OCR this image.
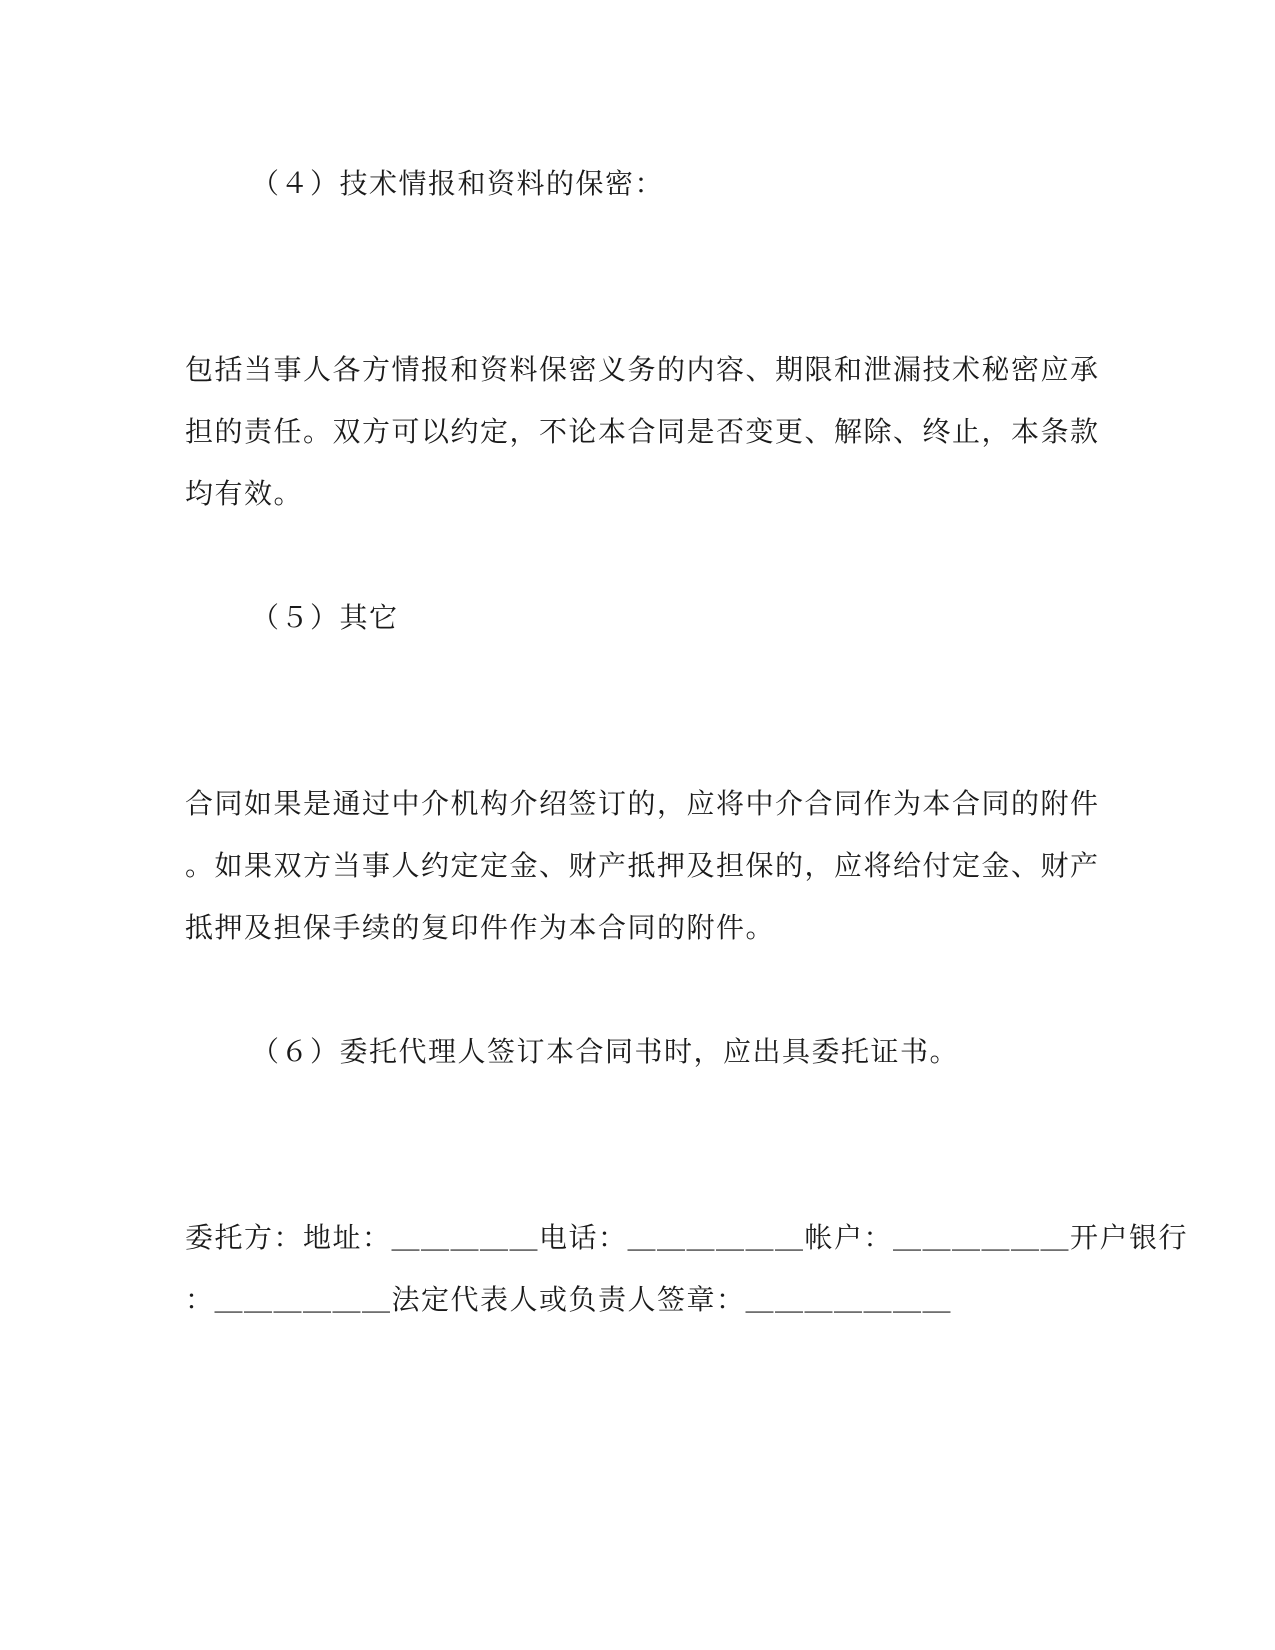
（４）技术情报和资料的保密：
包括当事人各方情报和资料保密义务的内容、期限和泄漏技术秘密应承
担的责任。双方可以约定，不论本合同是否变更、解除、终止，本条款
均有效。
（５）其它
合同如果是通过中介机构介绍签订的，应将中介合同作为本合同的附件
。如果双方当事人约定定金、财产抵押及担保的，应将给付定金、财产
抵押及担保手续的复印件作为本合同的附件。
（６）委托代理人签订本合同书时，应出具委托证书。
委托方：地址：＿＿＿＿＿电话：＿＿＿＿＿＿帐户：＿＿＿＿＿＿开户银行
：＿＿＿＿＿＿法定代表人或负责人签章：＿＿＿＿＿＿＿
